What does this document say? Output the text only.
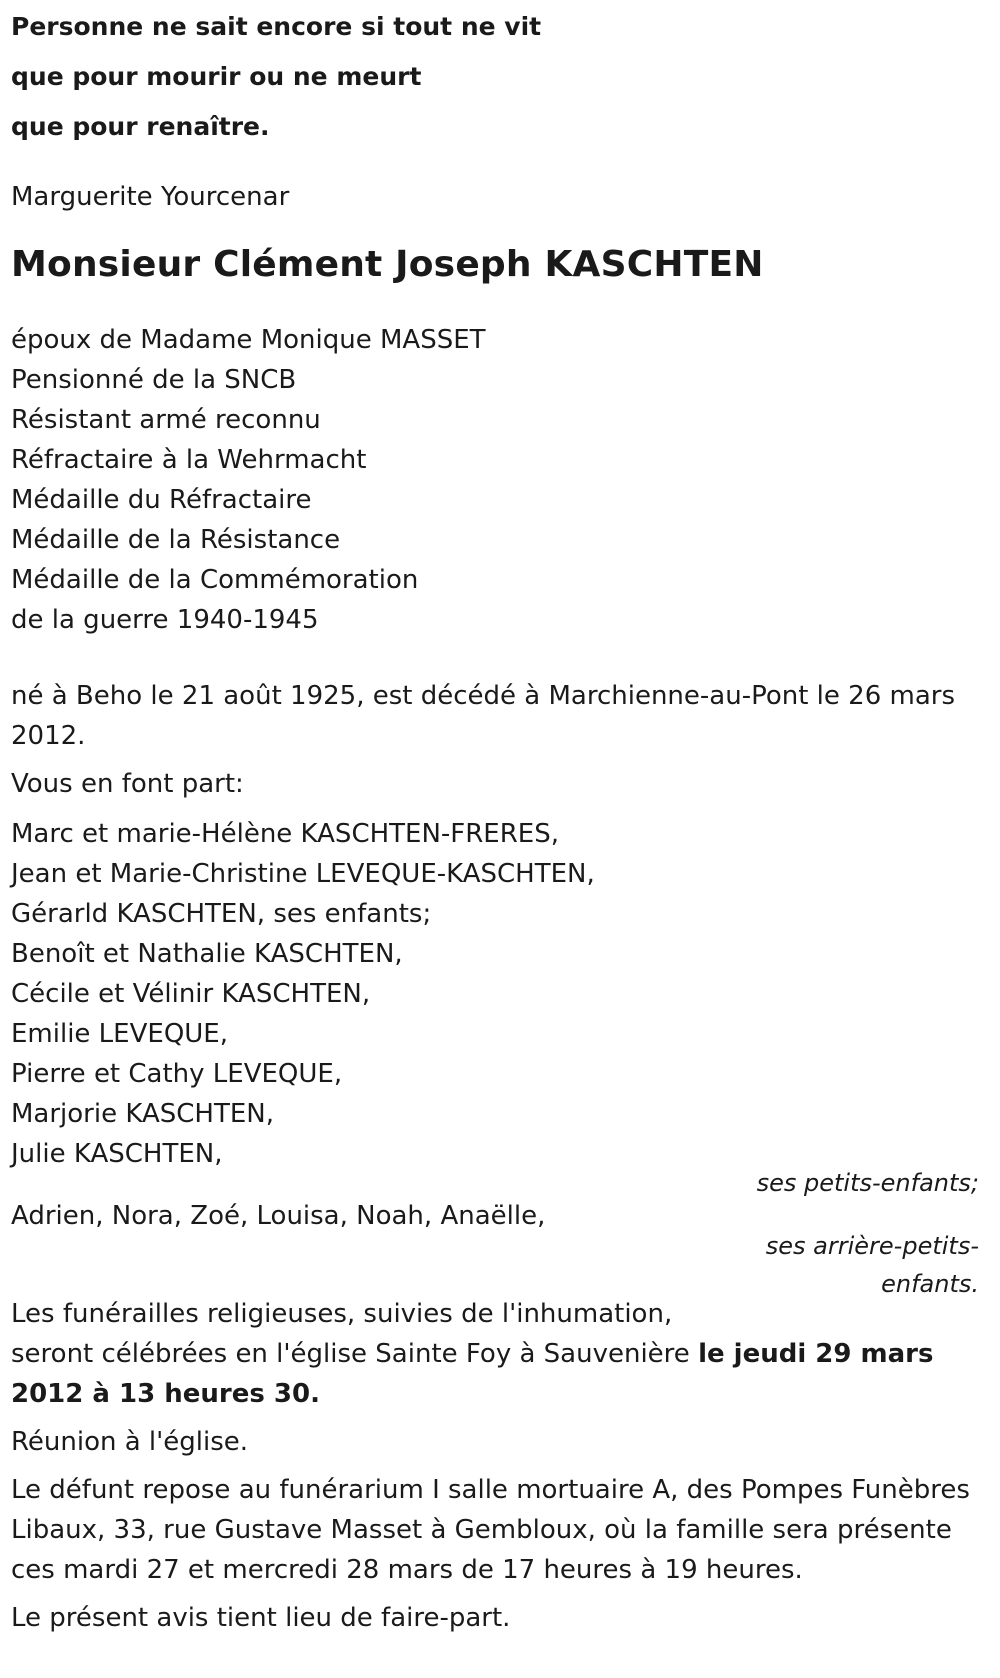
Personne ne sait encore si tout ne vit
que pour mourir ou ne meurt
que pour renaître.
Marguerite Yourcenar
Monsieur Clément Joseph KASCHTEN
époux de Madame Monique MASSET
Pensionné de la SNCB
Résistant armé reconnu
Réfractaire à la Wehrmacht
Médaille du Réfractaire
Médaille de la Résistance
Médaille de la Commémoration
de la guerre 1940-1945
né à Beho le 21 août 1925, est décédé à Marchienne-au-Pont le 26 mars 2012.
Vous en font part:
Marc et marie-Hélène KASCHTEN-FRERES,
Jean et Marie-Christine LEVEQUE-KASCHTEN,
Gérarld KASCHTEN, ses enfants;
Benoît et Nathalie KASCHTEN,
Cécile et Vélinir KASCHTEN,
Emilie LEVEQUE,
Pierre et Cathy LEVEQUE,
Marjorie KASCHTEN,
Julie KASCHTEN,
ses petits-enfants;
Adrien, Nora, Zoé, Louisa, Noah, Anaëlle,
ses arrière-petits-enfants.
Les funérailles religieuses, suivies de l'inhumation,
seront célébrées en l'église Sainte Foy à Sauvenière le jeudi 29 mars 2012 à 13 heures 30.
Réunion à l'église.
Le défunt repose au funérarium I salle mortuaire A, des Pompes Funèbres Libaux, 33, rue Gustave Masset à Gembloux, où la famille sera présente ces mardi 27 et mercredi 28 mars de 17 heures à 19 heures.
Le présent avis tient lieu de faire-part.
